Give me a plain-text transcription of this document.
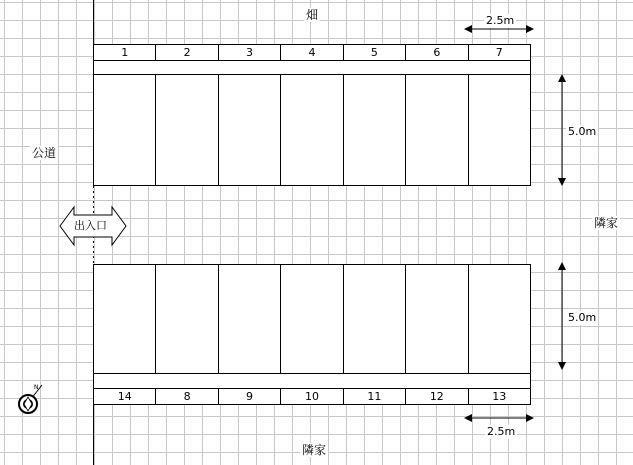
畑
公道
隣家
隣家
1	2	3	4	5	6	7
14	8	9	10	11	12	13
2.5m
2.5m
5.0m
5.0m
出入口
N
